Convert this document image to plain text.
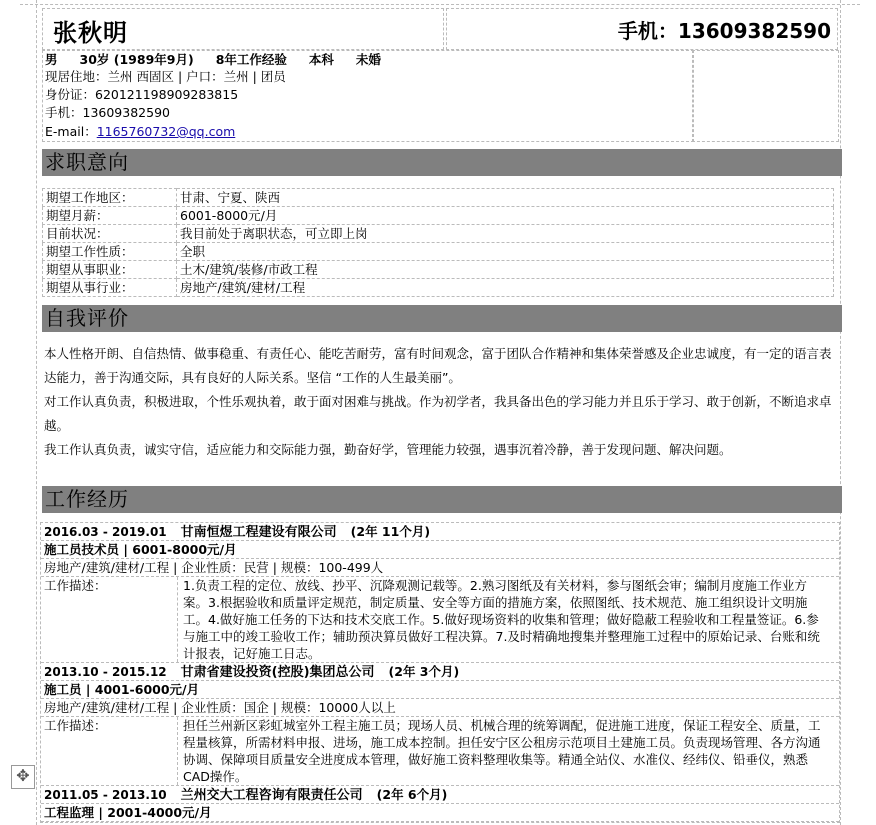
张秋明	手机：13609382590
男 30岁 (1989年9月) 8年工作经验 本科 未婚
现居住地：兰州 西固区 | 户口：兰州 | 团员
身份证：620121198909283815
手机：13609382590
E-mail：1165760732@qq.com
求职意向
期望工作地区：	甘肃、宁夏、陕西
期望月薪：	6001-8000元/月
目前状况：	我目前处于离职状态，可立即上岗
期望工作性质：	全职
期望从事职业：	土木/建筑/装修/市政工程
期望从事行业：	房地产/建筑/建材/工程
自我评价
本人性格开朗、自信热情、做事稳重、有责任心、能吃苦耐劳，富有时间观念，富于团队合作精神和集体荣誉感及企业忠诚度，有一定的语言表达能力，善于沟通交际，具有良好的人际关系。坚信 “工作的人生最美丽”。
对工作认真负责，积极进取，个性乐观执着，敢于面对困难与挑战。作为初学者，我具备出色的学习能力并且乐于学习、敢于创新，不断追求卓越。
我工作认真负责，诚实守信，适应能力和交际能力强，勤奋好学，管理能力较强，遇事沉着冷静，善于发现问题、解决问题。
工作经历
2016.03 - 2019.01 甘南恒煜工程建设有限公司 (2年 11个月)
施工员技术员 | 6001-8000元/月
房地产/建筑/建材/工程 | 企业性质：民营 | 规模：100-499人
工作描述：	1.负责工程的定位、放线、抄平、沉降观测记载等。2.熟习图纸及有关材料，参与图纸会审；编制月度施工作业方案。3.根据验收和质量评定规范，制定质量、安全等方面的措施方案，依照图纸、技术规范、施工组织设计文明施工。4.做好施工任务的下达和技术交底工作。5.做好现场资料的收集和管理；做好隐蔽工程验收和工程量签证。6.参与施工中的竣工验收工作；辅助预决算员做好工程决算。7.及时精确地搜集并整理施工过程中的原始记录、台账和统计报表，记好施工日志。
2013.10 - 2015.12 甘肃省建设投资(控股)集团总公司 (2年 3个月)
施工员 | 4001-6000元/月
房地产/建筑/建材/工程 | 企业性质：国企 | 规模：10000人以上
工作描述：	担任兰州新区彩虹城室外工程主施工员；现场人员、机械合理的统筹调配，促进施工进度，保证工程安全、质量，工程量核算，所需材料申报、进场，施工成本控制。担任安宁区公租房示范项目土建施工员。负责现场管理、各方沟通协调、保障项目质量安全进度成本管理，做好施工资料整理收集等。精通全站仪、水准仪、经纬仪、铅垂仪，熟悉CAD操作。
2011.05 - 2013.10 兰州交大工程咨询有限责任公司 (2年 6个月)
工程监理 | 2001-4000元/月
✥
